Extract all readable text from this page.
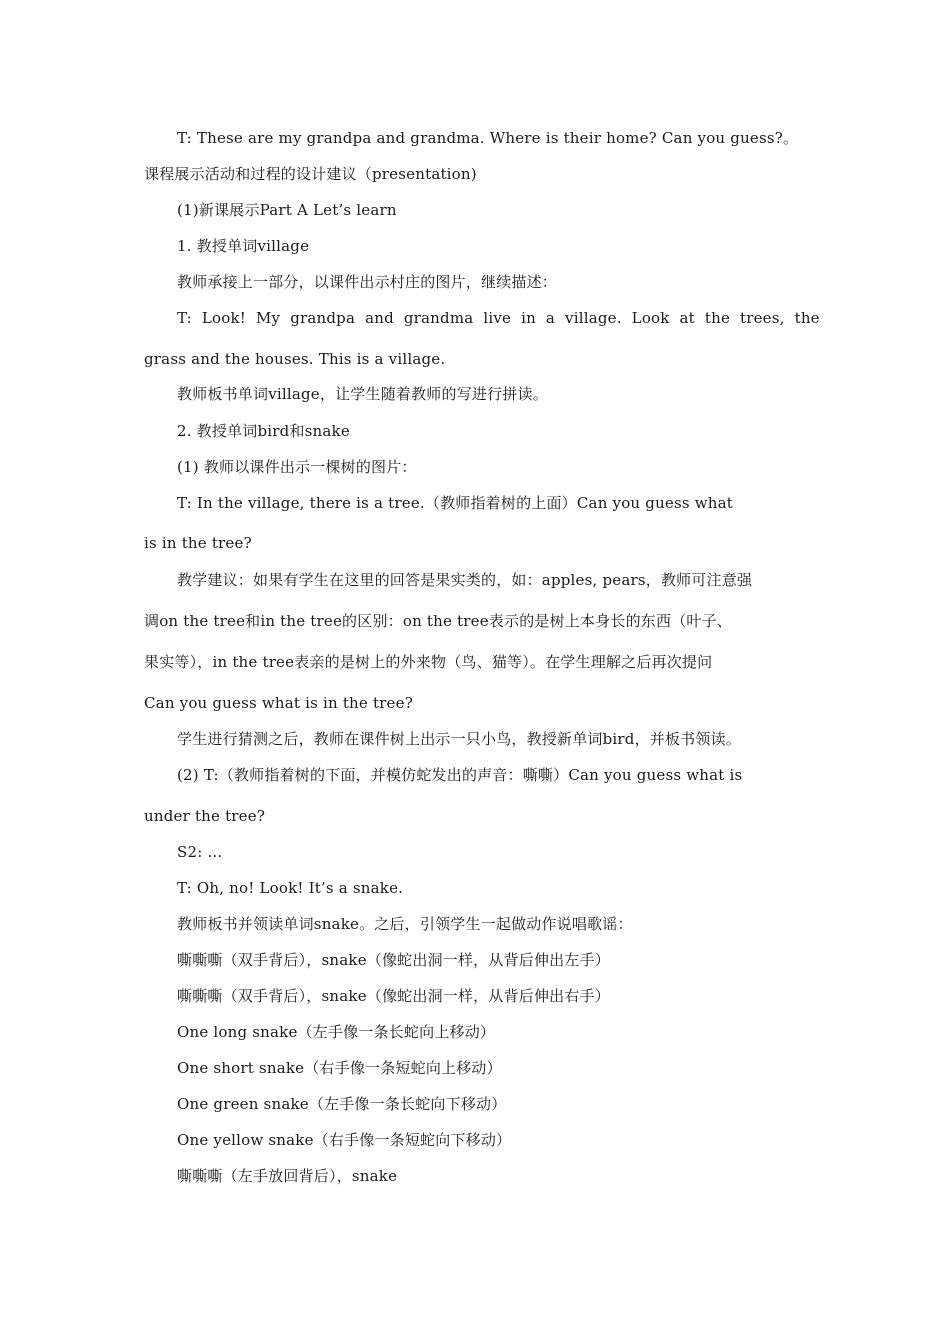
T: These are my grandpa and grandma. Where is their home? Can you guess?。
课程展示活动和过程的设计建议（presentation)
(1)新课展示Part A Let’s learn
1. 教授单词village
教师承接上一部分，以课件出示村庄的图片，继续描述：
T: Look! My grandpa and grandma live in a village. Look at the trees, the
grass and the houses. This is a village.
教师板书单词village，让学生随着教师的写进行拼读。
2. 教授单词bird和snake
(1) 教师以课件出示一棵树的图片：
T: In the village, there is a tree.（教师指着树的上面）Can you guess what
is in the tree?
教学建议：如果有学生在这里的回答是果实类的，如：apples, pears，教师可注意强
调on the tree和in the tree的区别：on the tree表示的是树上本身长的东西（叶子、
果实等），in the tree表亲的是树上的外来物（鸟、猫等）。在学生理解之后再次提问
Can you guess what is in the tree?
学生进行猜测之后，教师在课件树上出示一只小鸟，教授新单词bird，并板书领读。
(2) T:（教师指着树的下面，并模仿蛇发出的声音：嘶嘶）Can you guess what is
under the tree?
S2: ...
T: Oh, no! Look! It’s a snake.
教师板书并领读单词snake。之后，引领学生一起做动作说唱歌谣：
嘶嘶嘶（双手背后），snake（像蛇出洞一样，从背后伸出左手）
嘶嘶嘶（双手背后），snake（像蛇出洞一样，从背后伸出右手）
One long snake（左手像一条长蛇向上移动）
One short snake（右手像一条短蛇向上移动）
One green snake（左手像一条长蛇向下移动）
One yellow snake（右手像一条短蛇向下移动）
嘶嘶嘶（左手放回背后），snake
